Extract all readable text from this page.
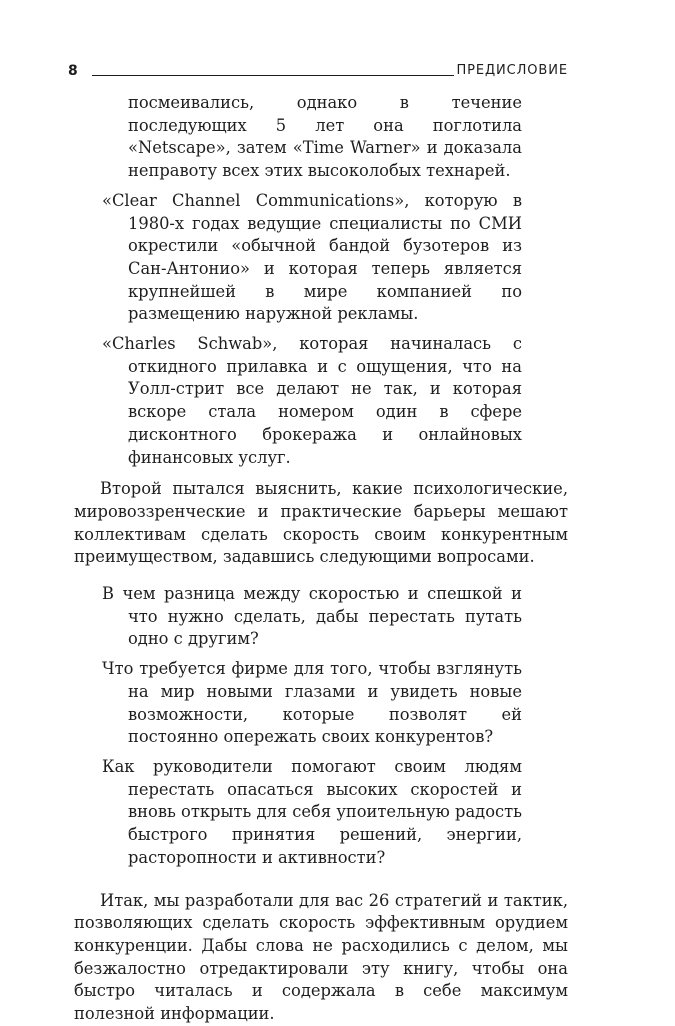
8	ПРЕДИСЛОВИЕ

посмеивались, однако в течение последующих 5 лет она поглотила «Netscape», затем «Time Warner» и доказала неправоту всех этих высоколобых технарей.

«Clear Channel Communications», которую в 1980-х годах ведущие специалисты по СМИ окрестили «обычной бандой бузотеров из Сан-Антонио» и которая теперь является крупнейшей в мире компанией по размещению наружной рекламы.

«Charles Schwab», которая начиналась с откидного прилавка и с ощущения, что на Уолл-стрит все делают не так, и которая вскоре стала номером один в сфере дисконтного брокеража и онлайновых финансовых услуг.

Второй пытался выяснить, какие психологические, мировоззренческие и практические барьеры мешают коллективам сделать скорость своим конкурентным преимуществом, задавшись следующими вопросами.

В чем разница между скоростью и спешкой и что нужно сделать, дабы перестать путать одно с другим?

Что требуется фирме для того, чтобы взглянуть на мир новыми глазами и увидеть новые возможности, которые позволят ей постоянно опережать своих конкурентов?

Как руководители помогают своим людям перестать опасаться высоких скоростей и вновь открыть для себя упоительную радость быстрого принятия решений, энергии, расторопности и активности?

Итак, мы разработали для вас 26 стратегий и тактик, позволяющих сделать скорость эффективным орудием конкуренции. Дабы слова не расходились с делом, мы безжалостно отредактировали эту книгу, чтобы она быстро читалась и содержала в себе максимум полезной информации.
